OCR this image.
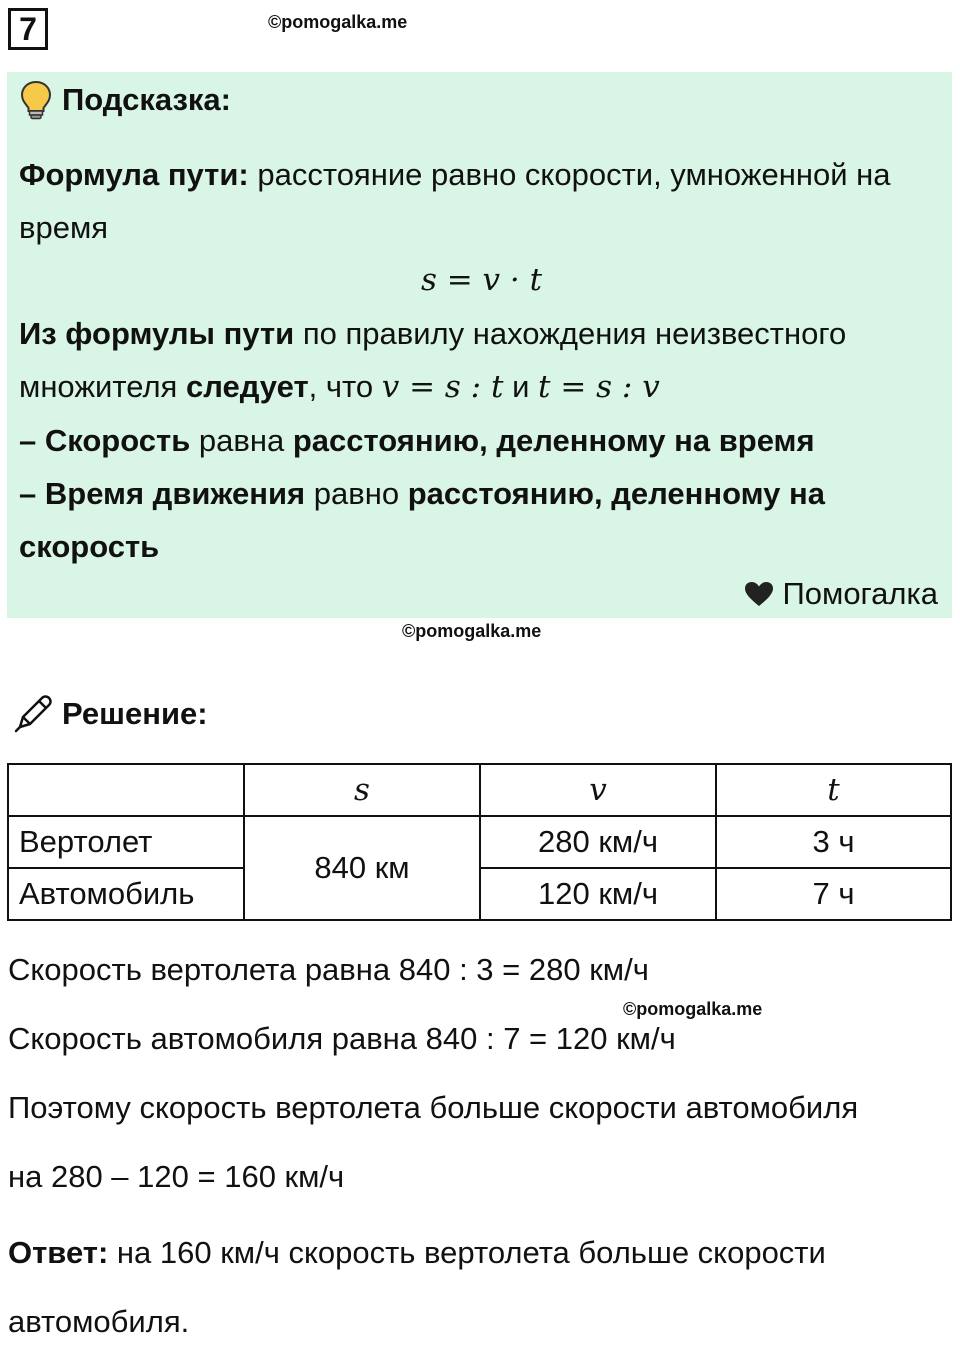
7	©pomogalka.me
Подсказка:

Формула пути: расстояние равно скорости, умноженной на время

s = v · t

Из формулы пути по правилу нахождения неизвестного множителя следует, что v = s : t и t = s : v

– Скорость равна расстоянию, деленному на время

– Время движения равно расстоянию, деленному на скорость

Помогалка
©pomogalka.me
Решение:
	s	v	t
Вертолет	840 км	280 км/ч	3 ч
Автомобиль		120 км/ч	7 ч

Скорость вертолета равна 840 : 3 = 280 км/ч

Скорость автомобиля равна 840 : 7 = 120 км/ч

Поэтому скорость вертолета больше скорости автомобиля

на 280 – 120 = 160 км/ч

Ответ: на 160 км/ч скорость вертолета больше скорости автомобиля.

©pomogalka.me
